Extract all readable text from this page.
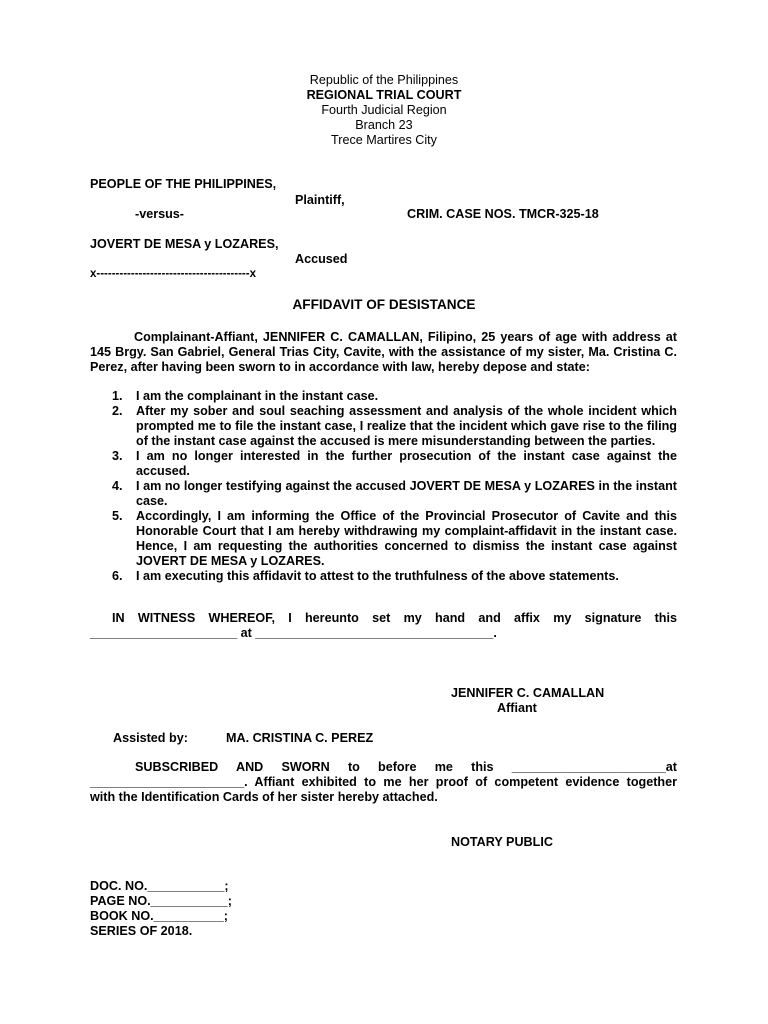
Republic of the Philippines
REGIONAL TRIAL COURT
Fourth Judicial Region
Branch 23
Trece Martires City
PEOPLE OF THE PHILIPPINES,
Plaintiff,
-versus-	CRIM. CASE NOS. TMCR-325-18
JOVERT DE MESA y LOZARES,
Accused
x----------------------------------------x
AFFIDAVIT OF DESISTANCE
Complainant-Affiant, JENNIFER C. CAMALLAN, Filipino, 25 years of age with address at 145 Brgy. San Gabriel, General Trias City, Cavite, with the assistance of my sister, Ma. Cristina C. Perez, after having been sworn to in accordance with law, hereby depose and state:
1. I am the complainant in the instant case.
2. After my sober and soul seaching assessment and analysis of the whole incident which prompted me to file the instant case, I realize that the incident which gave rise to the filing of the instant case against the accused is mere misunderstanding between the parties.
3. I am no longer interested in the further prosecution of the instant case against the accused.
4. I am no longer testifying against the accused JOVERT DE MESA y LOZARES in the instant case.
5. Accordingly, I am informing the Office of the Provincial Prosecutor of Cavite and this Honorable Court that I am hereby withdrawing my complaint-affidavit in the instant case. Hence, I am requesting the authorities concerned to dismiss the instant case against JOVERT DE MESA y LOZARES.
6. I am executing this affidavit to attest to the truthfulness of the above statements.
IN WITNESS WHEREOF, I hereunto set my hand and affix my signature this
_____________________ at __________________________________.
JENNIFER C. CAMALLAN
Affiant
Assisted by:	MA. CRISTINA C. PEREZ
SUBSCRIBED AND SWORN to before me this ______________________at
______________________. Affiant exhibited to me her proof of competent evidence together
with the Identification Cards of her sister hereby attached.
NOTARY PUBLIC
DOC. NO.___________;
PAGE NO.___________;
BOOK NO.__________;
SERIES OF 2018.
